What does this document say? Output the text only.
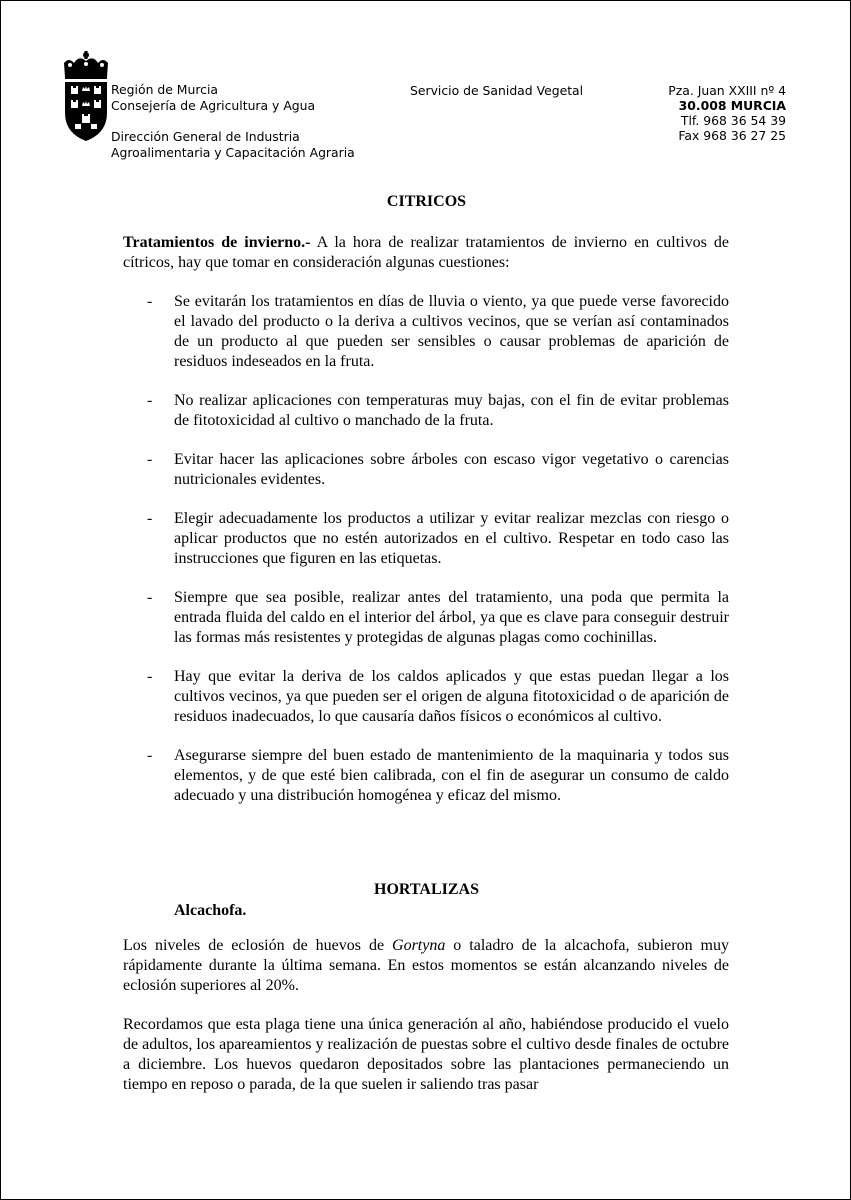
Región de Murcia
Consejería de Agricultura y Agua
Dirección General de Industria
Agroalimentaria y Capacitación Agraria
Servicio de Sanidad Vegetal	Pza. Juan XXIII nº 4
30.008 MURCIA
Tlf. 968 36 54 39
Fax 968 36 27 25
CITRICOS
Tratamientos de invierno.- A la hora de realizar tratamientos de invierno en cultivos de cítricos, hay que tomar en consideración algunas cuestiones:
- Se evitarán los tratamientos en días de lluvia o viento, ya que puede verse favorecido el lavado del producto o la deriva a cultivos vecinos, que se verían así contaminados de un producto al que pueden ser sensibles o causar problemas de aparición de residuos indeseados en la fruta.
- No realizar aplicaciones con temperaturas muy bajas, con el fin de evitar problemas de fitotoxicidad al cultivo o manchado de la fruta.
- Evitar hacer las aplicaciones sobre árboles con escaso vigor vegetativo o carencias nutricionales evidentes.
- Elegir adecuadamente los productos a utilizar y evitar realizar mezclas con riesgo o aplicar productos que no estén autorizados en el cultivo. Respetar en todo caso las instrucciones que figuren en las etiquetas.
- Siempre que sea posible, realizar antes del tratamiento, una poda que permita la entrada fluida del caldo en el interior del árbol, ya que es clave para conseguir destruir las formas más resistentes y protegidas de algunas plagas como cochinillas.
- Hay que evitar la deriva de los caldos aplicados y que estas puedan llegar a los cultivos vecinos, ya que pueden ser el origen de alguna fitotoxicidad o de aparición de residuos inadecuados, lo que causaría daños físicos o económicos al cultivo.
- Asegurarse siempre del buen estado de mantenimiento de la maquinaria y todos sus elementos, y de que esté bien calibrada, con el fin de asegurar un consumo de caldo adecuado y una distribución homogénea y eficaz del mismo.
HORTALIZAS
Alcachofa.
Los niveles de eclosión de huevos de Gortyna o taladro de la alcachofa, subieron muy rápidamente durante la última semana. En estos momentos se están alcanzando niveles de eclosión superiores al 20%.
Recordamos que esta plaga tiene una única generación al año, habiéndose producido el vuelo de adultos, los apareamientos y realización de puestas sobre el cultivo desde finales de octubre a diciembre. Los huevos quedaron depositados sobre las plantaciones permaneciendo un tiempo en reposo o parada, de la que suelen ir saliendo tras pasar
